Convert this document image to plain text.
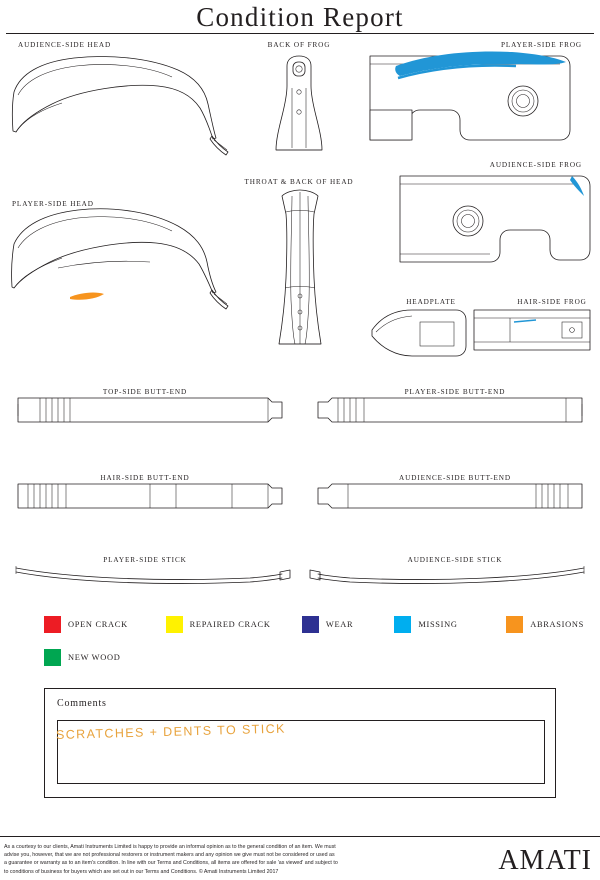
Condition Report
AUDIENCE-SIDE HEAD	BACK OF FROG	PLAYER-SIDE FROG
AUDIENCE-SIDE FROG
PLAYER-SIDE HEAD
THROAT & BACK OF HEAD
HEADPLATE	HAIR-SIDE FROG
TOP-SIDE BUTT-END	PLAYER-SIDE BUTT-END
HAIR-SIDE BUTT-END	AUDIENCE-SIDE BUTT-END
PLAYER-SIDE STICK	AUDIENCE-SIDE STICK
OPEN CRACK	REPAIRED CRACK	WEAR	MISSING	ABRASIONS
NEW WOOD
Comments
SCRATCHES + DENTS TO STICK
As a courtesy to our clients, Amati Instruments Limited is happy to provide an informal opinion as to the general condition of an item. We must
advise you, however, that we are not professional restorers or instrument makers and any opinion we give must not be considered or used as
a guarantee or warranty as to an item's condition. In line with our Terms and Conditions, all items are offered for sale 'as viewed' and subject to
to conditions of business for buyers which are set out in our Terms and Conditions. © Amati Instruments Limited 2017	AMATI
